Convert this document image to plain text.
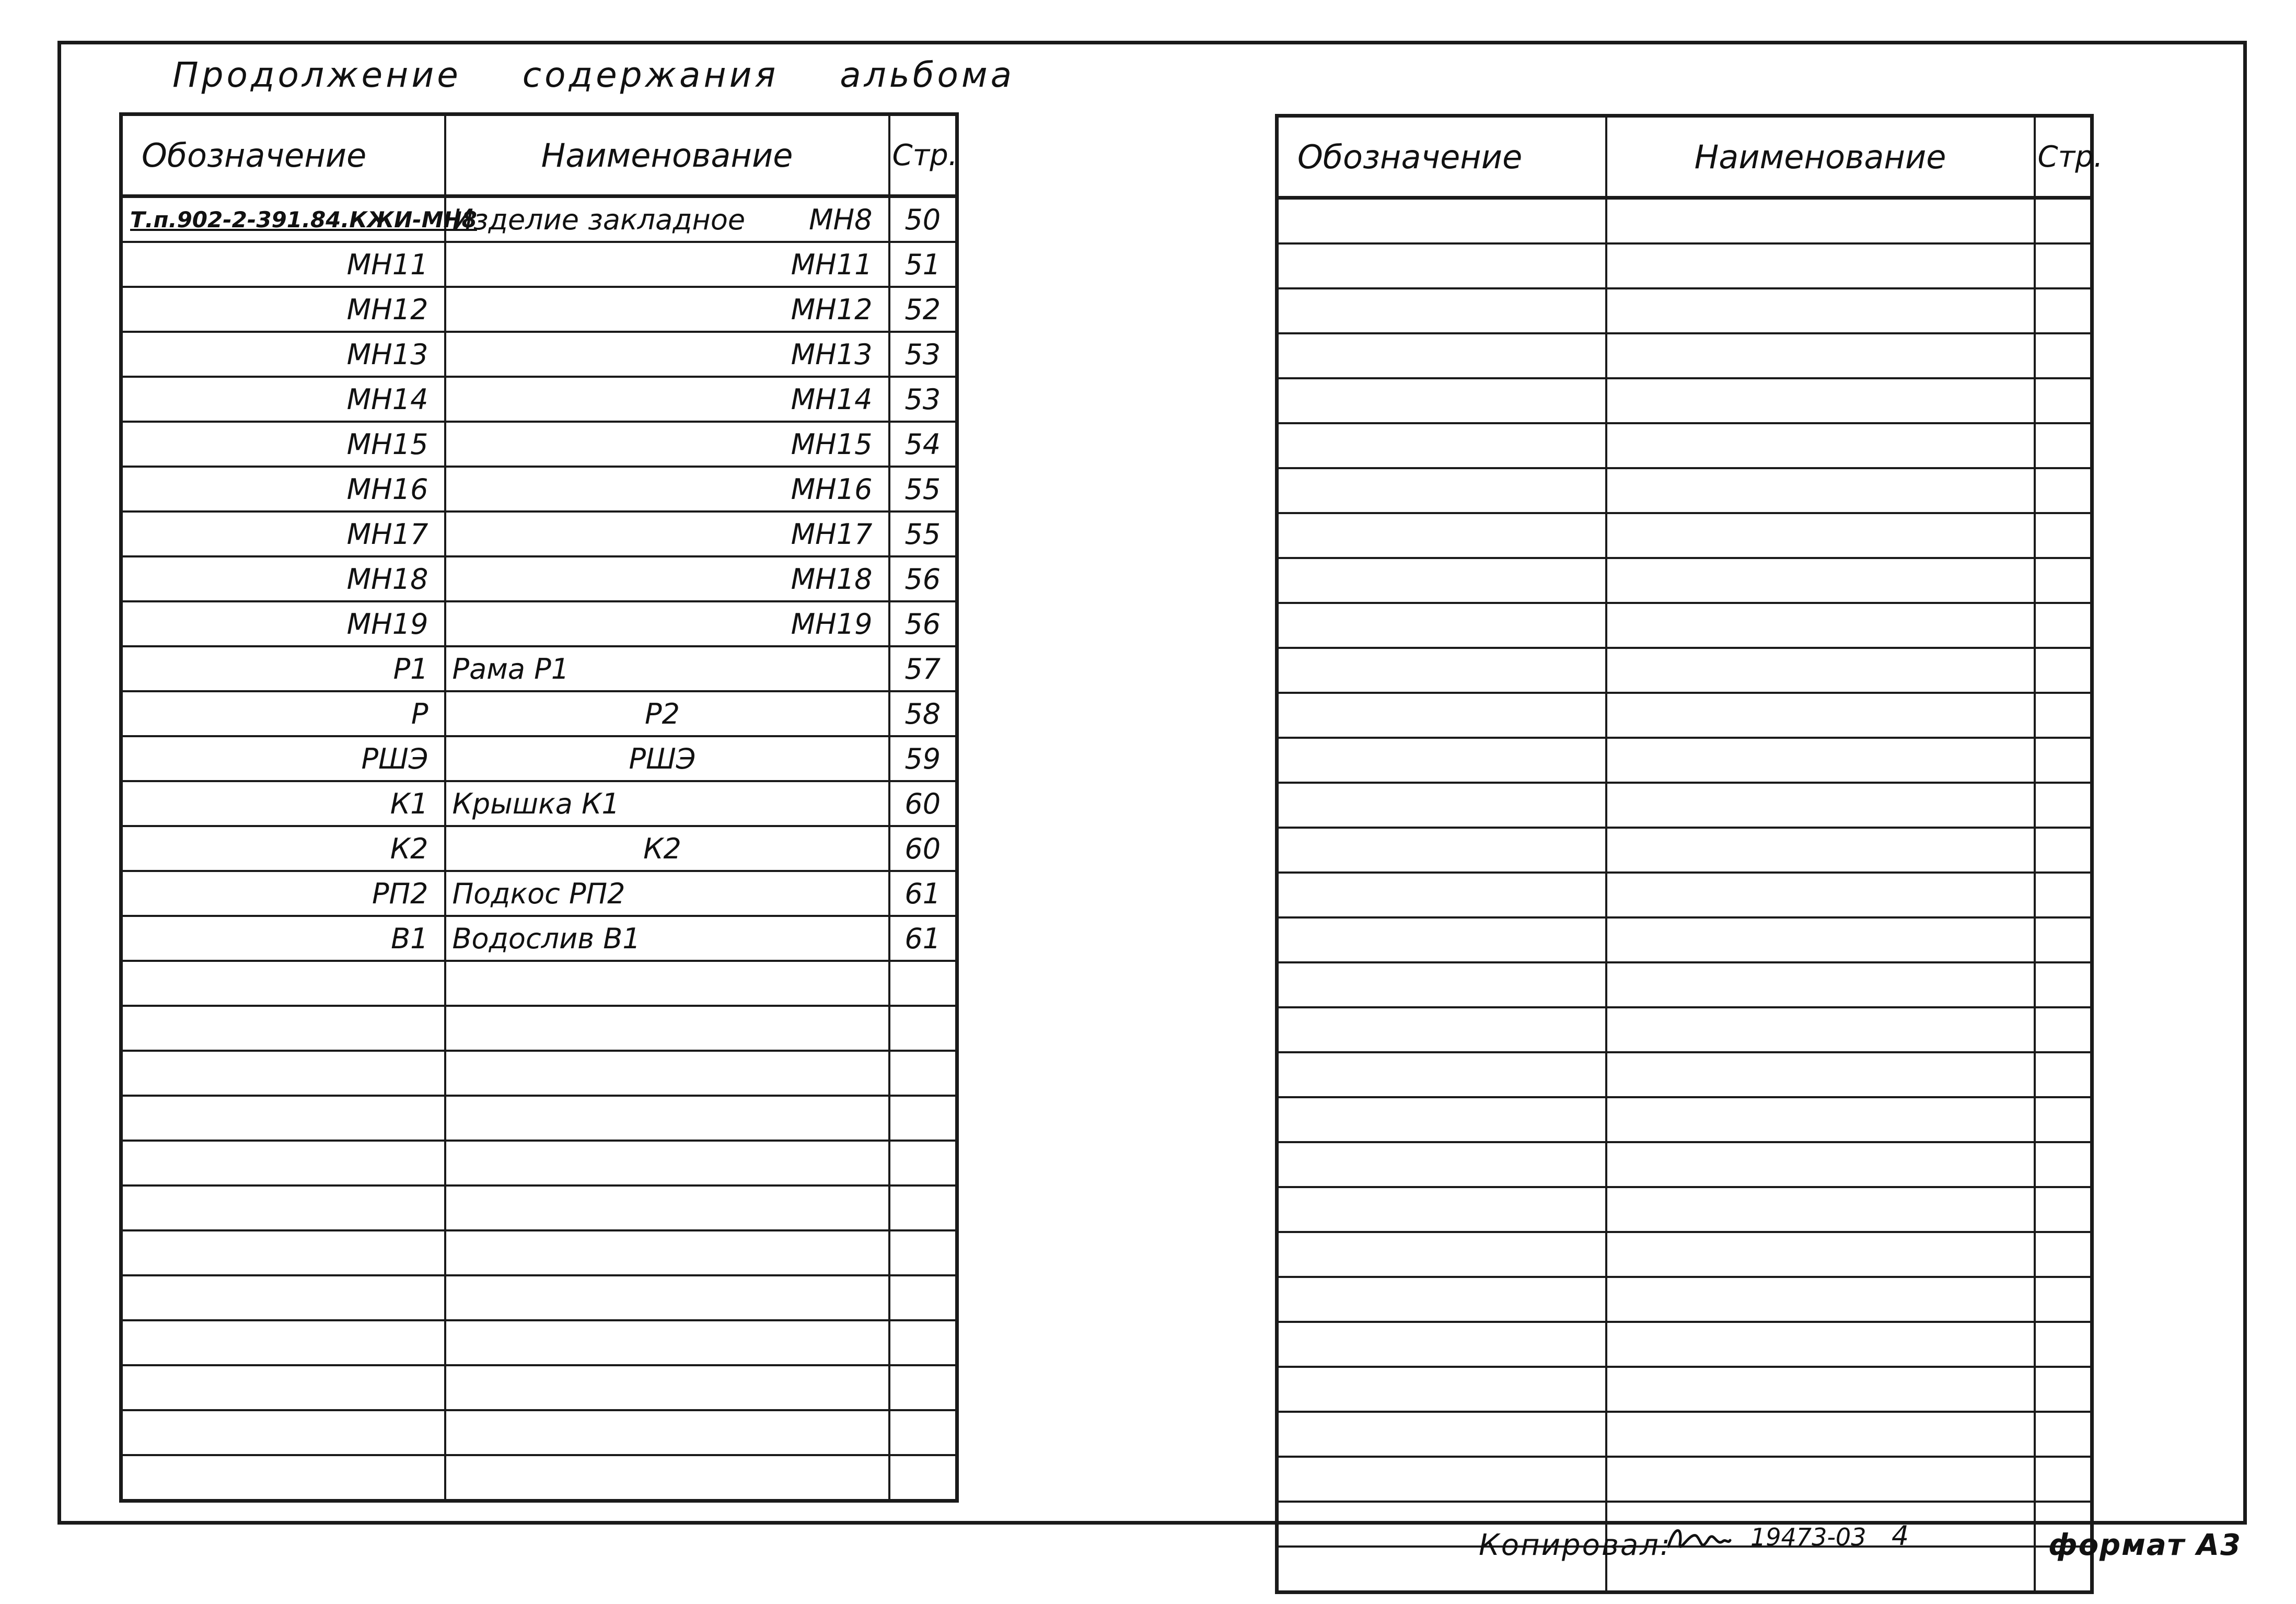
Продолжение содержания альбома
Обозначение	Наименование	Стр.
Т.п.902-2-391.84.КЖИ-МН8	Изделие закладное МН8	50
МН11	МН11	51
МН12	МН12	52
МН13	МН13	53
МН14	МН14	53
МН15	МН15	54
МН16	МН16	55
МН17	МН17	55
МН18	МН18	56
МН19	МН19	56
Р1	Рама Р1	57
Р	Р2	58
РШЭ	РШЭ	59
К1	Крышка К1	60
К2	К2	60
РП2	Подкос РП2	61
В1	Водослив В1	61

Обозначение	Наименование	Стр.

Копировал:	19473-03 4	формат А3
